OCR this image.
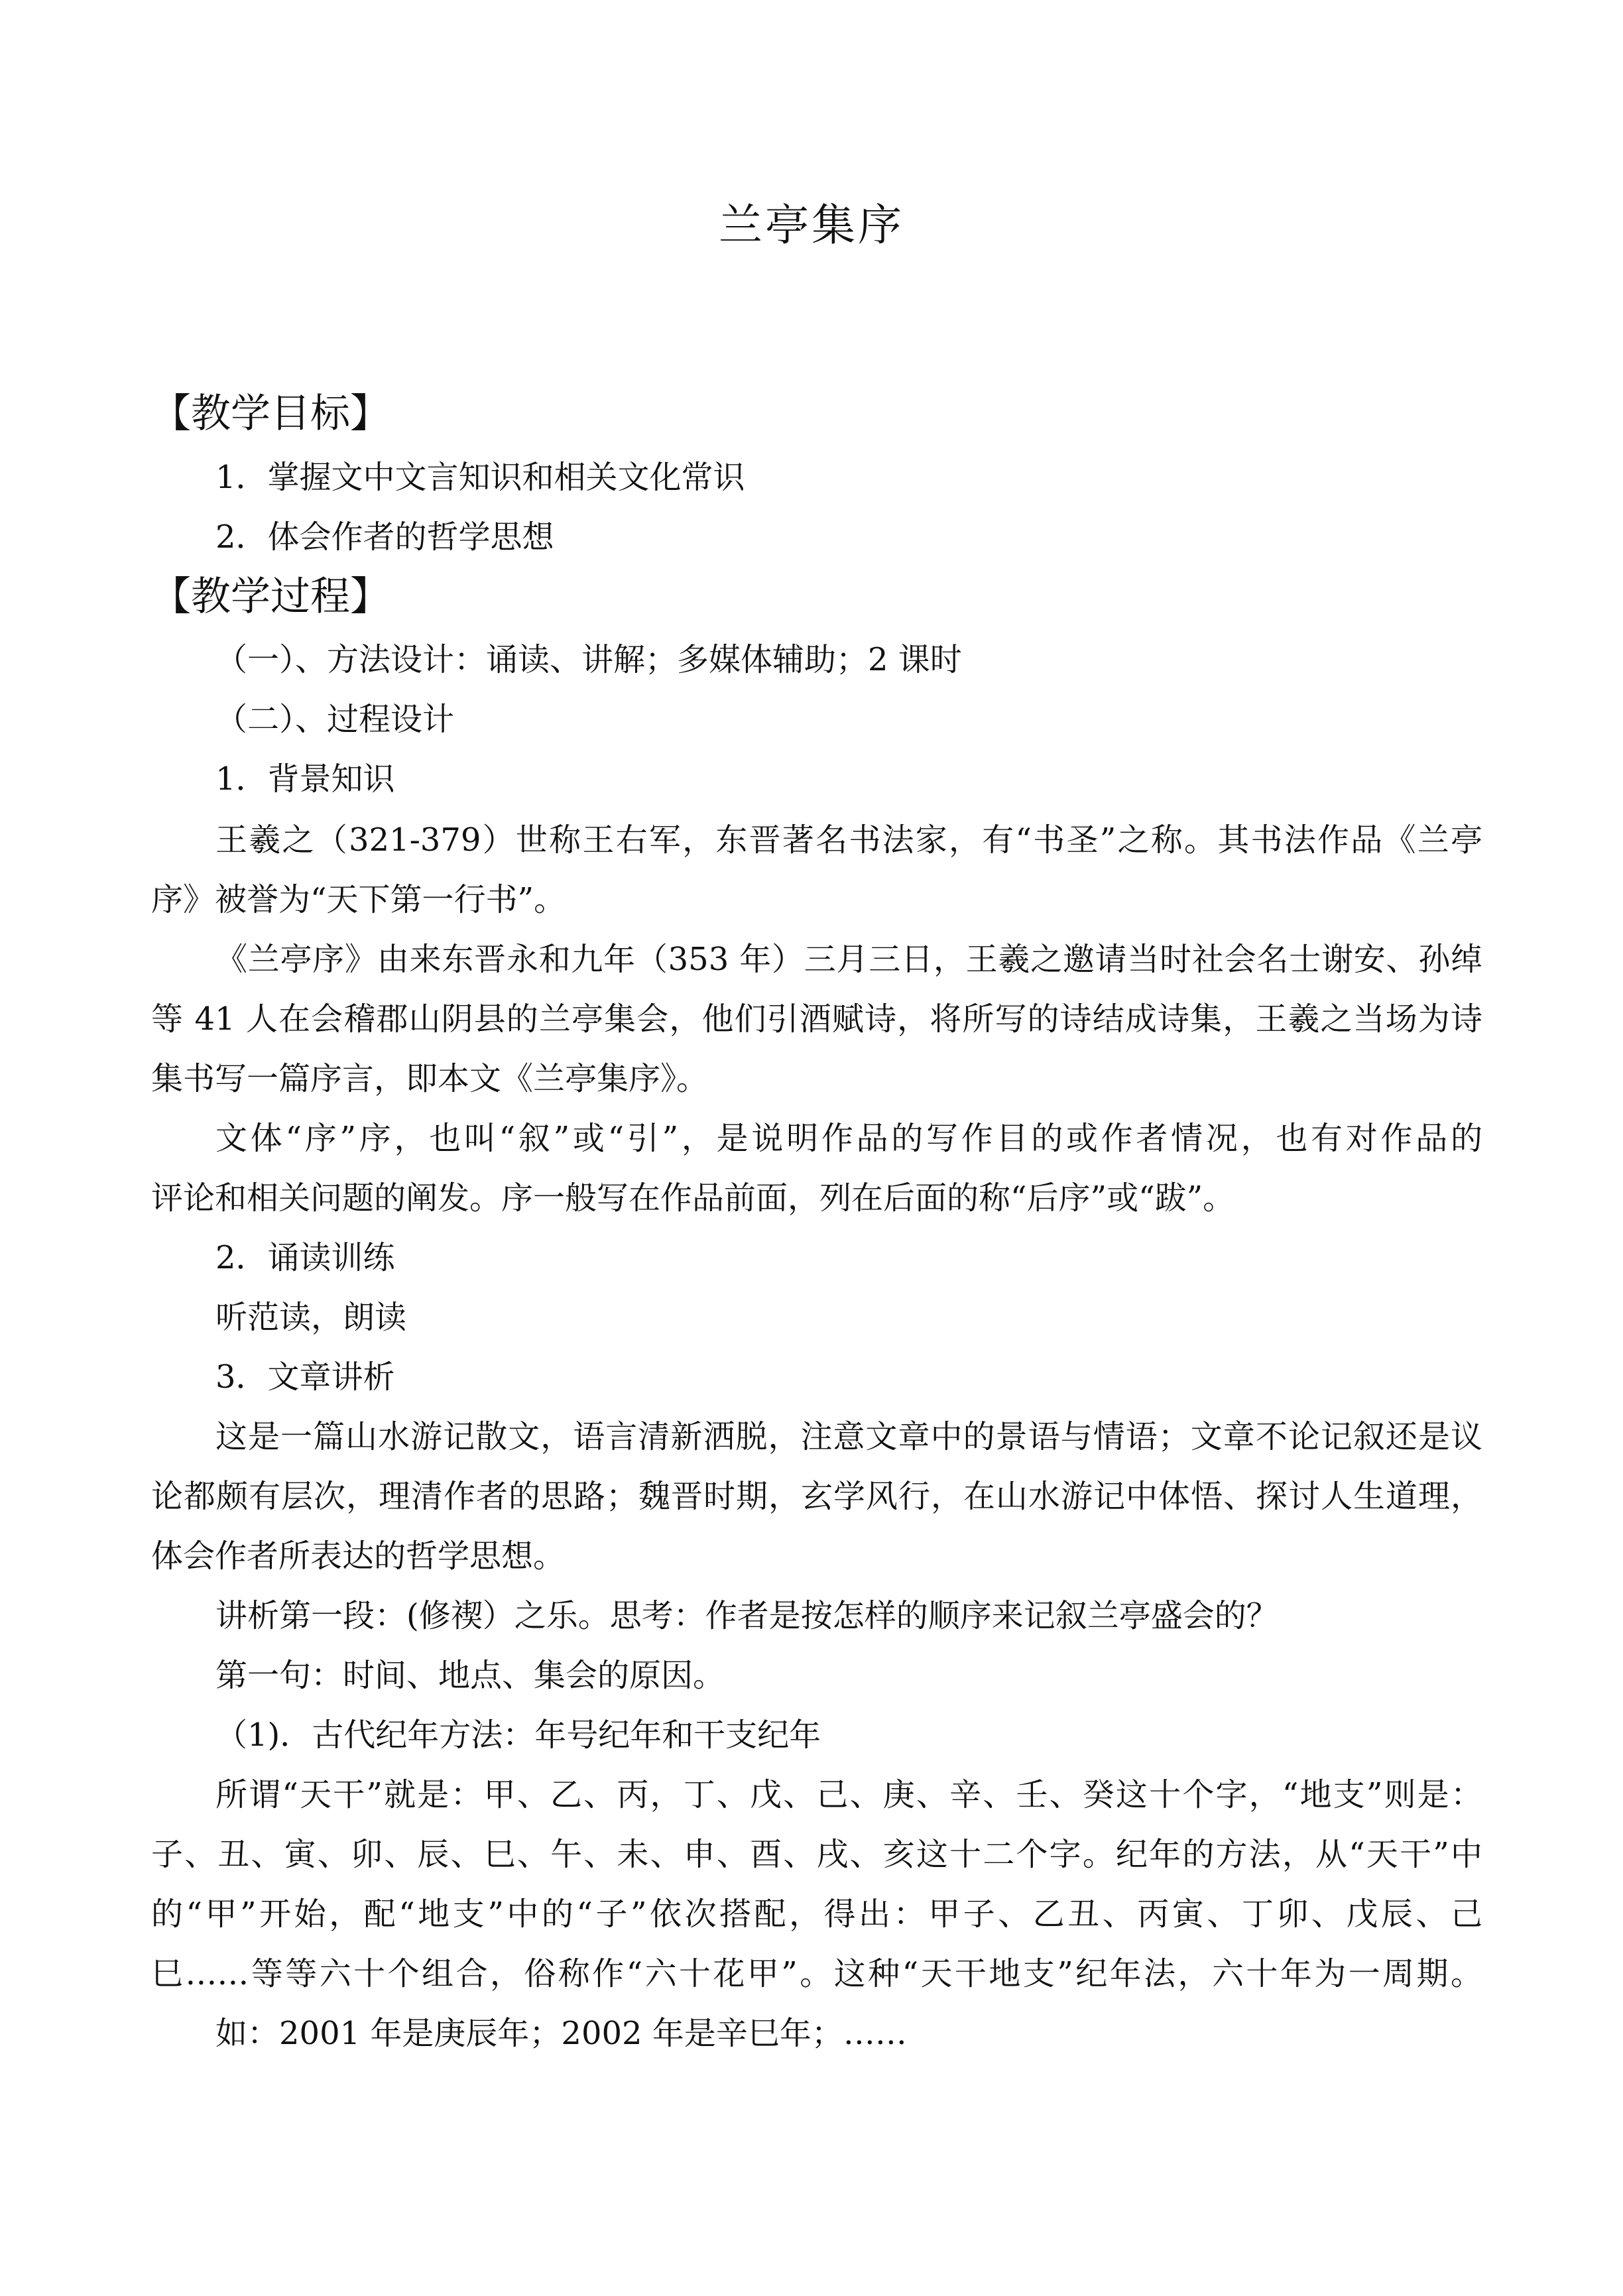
兰亭集序
【教学目标】
1．掌握文中文言知识和相关文化常识
2．体会作者的哲学思想
【教学过程】
（一）、方法设计：诵读、讲解；多媒体辅助；2 课时
（二）、过程设计
1．背景知识
王羲之（321-379）世称王右军，东晋著名书法家，有“书圣”之称。其书法作品《兰亭
序》被誉为“天下第一行书”。
《兰亭序》由来东晋永和九年（353 年）三月三日，王羲之邀请当时社会名士谢安、孙绰
等 41 人在会稽郡山阴县的兰亭集会，他们引酒赋诗，将所写的诗结成诗集，王羲之当场为诗
集书写一篇序言，即本文《兰亭集序》。
文体“序”序，也叫“叙”或“引”，是说明作品的写作目的或作者情况，也有对作品的
评论和相关问题的阐发。序一般写在作品前面，列在后面的称“后序”或“跋”。
2．诵读训练
听范读，朗读
3．文章讲析
这是一篇山水游记散文，语言清新洒脱，注意文章中的景语与情语；文章不论记叙还是议
论都颇有层次，理清作者的思路；魏晋时期，玄学风行，在山水游记中体悟、探讨人生道理，
体会作者所表达的哲学思想。
讲析第一段：(修禊）之乐。思考：作者是按怎样的顺序来记叙兰亭盛会的？
第一句：时间、地点、集会的原因。
（1)．古代纪年方法：年号纪年和干支纪年
所谓“天干”就是：甲、乙、丙，丁、戊、己、庚、辛、壬、癸这十个字，“地支”则是：
子、丑、寅、卯、辰、巳、午、未、申、酉、戌、亥这十二个字。纪年的方法，从“天干”中
的“甲”开始，配“地支”中的“子”依次搭配，得出：甲子、乙丑、丙寅、丁卯、戊辰、己
巳……等等六十个组合，俗称作“六十花甲”。这种“天干地支”纪年法，六十年为一周期。
如：2001 年是庚辰年；2002 年是辛巳年；……
